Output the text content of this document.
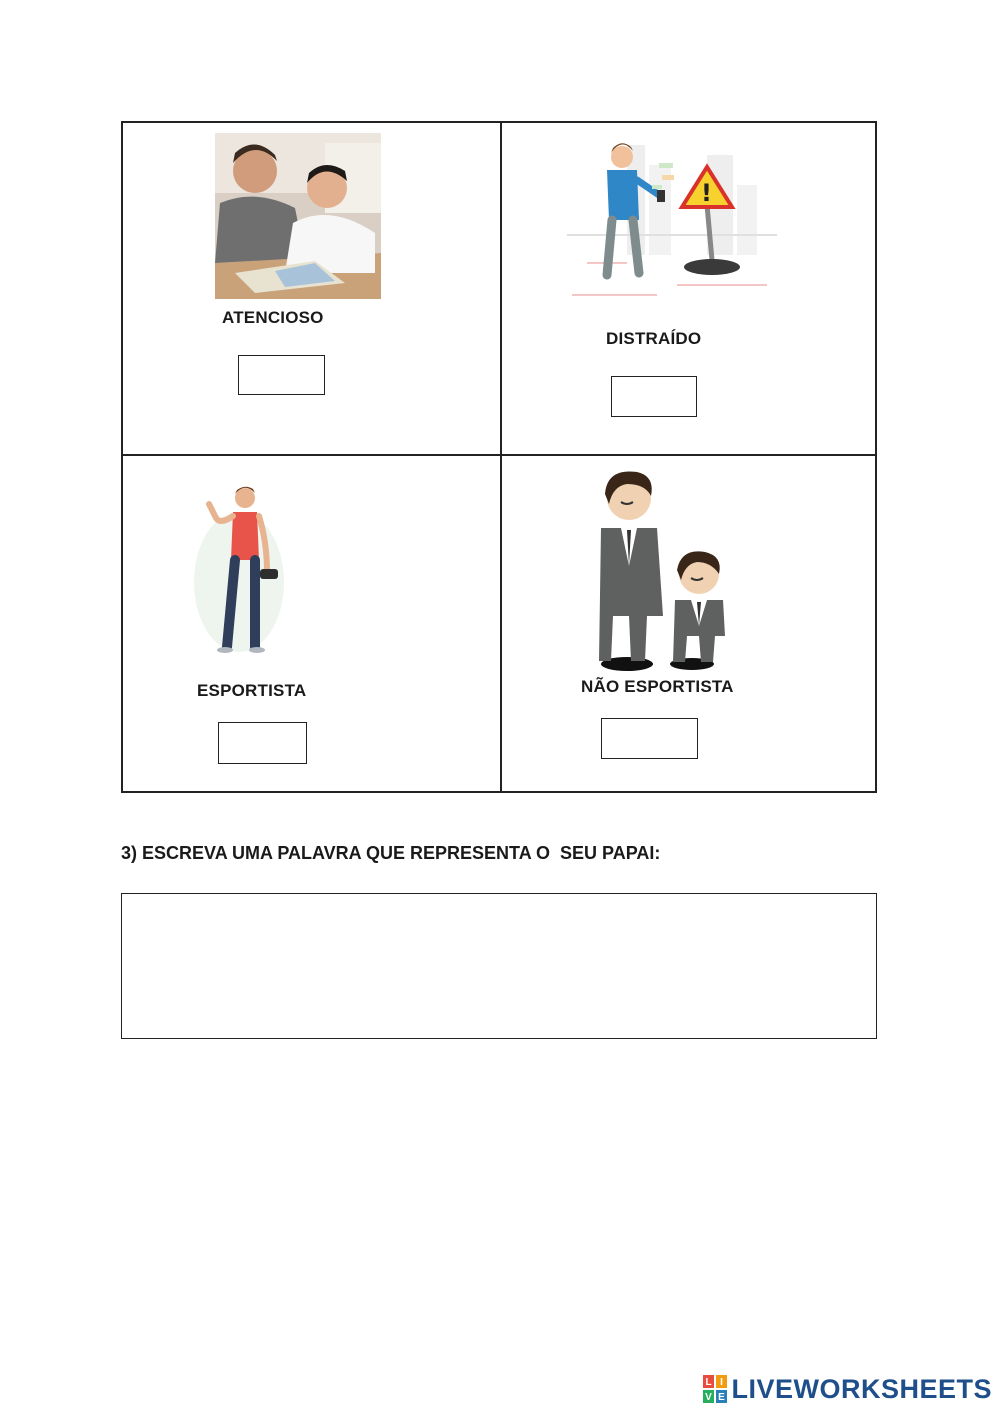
ATENCIOSO
!
DISTRAÍDO
ESPORTISTA	NÃO ESPORTISTA
3) ESCREVA UMA PALAVRA QUE REPRESENTA O  SEU PAPAI:
L I
V E LIVEWORKSHEETS
